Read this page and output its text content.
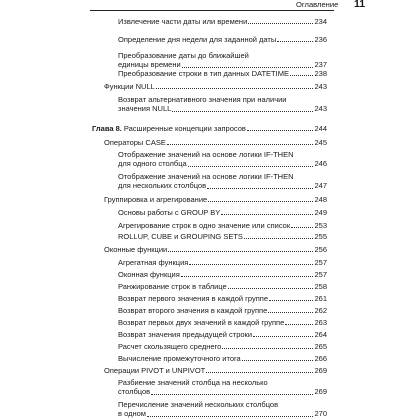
Оглавление 11
Извлечение части даты или времени	234
Определение дня недели для заданной даты	236
Преобразование даты до ближайшей
единицы времени	237
Преобразование строки в тип данных DATETIME	238
Функции NULL	243
Возврат альтернативного значения при наличии
значения NULL	243
Глава 8. Расширенные концепции запросов	244
Операторы CASE	245
Отображение значений на основе логики IF-THEN
для одного столбца	246
Отображение значений на основе логики IF-THEN
для нескольких столбцов	247
Группировка и агрегирование	248
Основы работы с GROUP BY	249
Агрегирование строк в одно значение или список	253
ROLLUP, CUBE и GROUPING SETS	255
Оконные функции	256
Агрегатная функция	257
Оконная функция	257
Ранжирование строк в таблице	258
Возврат первого значения в каждой группе	261
Возврат второго значения в каждой группе	262
Возврат первых двух значений в каждой группе	263
Возврат значения предыдущей строки	264
Расчет скользящего среднего	265
Вычисление промежуточного итога	266
Операции PIVOT и UNPIVOT	269
Разбиение значений столбца на несколько
столбцов	269
Перечисление значений нескольких столбцов
в одном	270
